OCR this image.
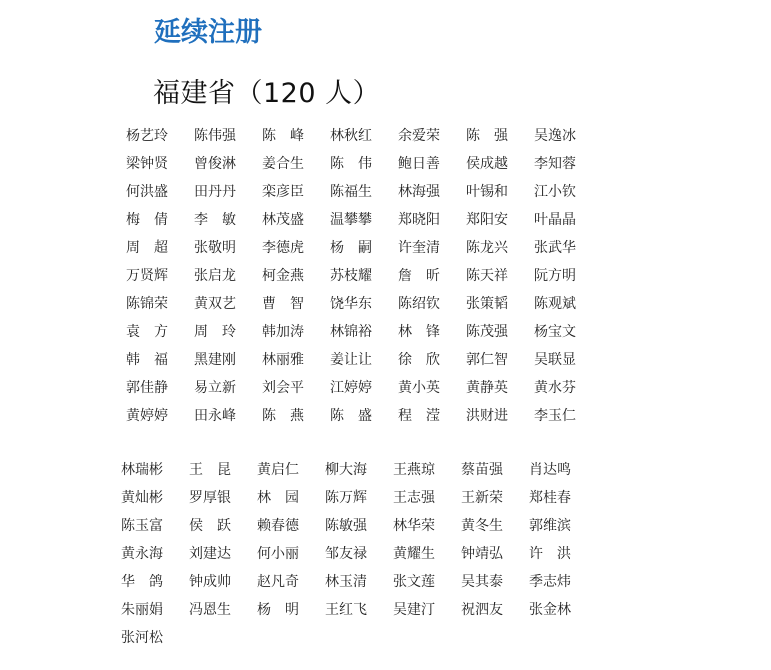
延续注册
福建省（120 人）
杨艺玲	陈伟强	陈　峰	林秋红	余爱荣	陈　强	吴逸冰
梁钟贤	曾俊淋	姜合生	陈　伟	鲍日善	侯成越	李知蓉
何洪盛	田丹丹	栾彦臣	陈福生	林海强	叶锡和	江小钦
梅　倩	李　敏	林茂盛	温攀攀	郑晓阳	郑阳安	叶晶晶
周　超	张敬明	李德虎	杨　嗣	许奎清	陈龙兴	张武华
万贤辉	张启龙	柯金燕	苏枝耀	詹　昕	陈天祥	阮方明
陈锦荣	黄双艺	曹　智	饶华东	陈绍钦	张策韬	陈观斌
袁　方	周　玲	韩加涛	林锦裕	林　锋	陈茂强	杨宝文
韩　福	黑建刚	林丽雅	姜让让	徐　欣	郭仁智	吴联显
郭佳静	易立新	刘会平	江婷婷	黄小英	黄静英	黄水芬
黄婷婷	田永峰	陈　燕	陈　盛	程　滢	洪财进	李玉仁
林瑞彬	王　昆	黄启仁	柳大海	王燕琼	蔡苗强	肖达鸣
黄灿彬	罗厚银	林　园	陈万辉	王志强	王新荣	郑桂春
陈玉富	侯　跃	赖春德	陈敏强	林华荣	黄冬生	郭维滨
黄永海	刘建达	何小丽	邹友禄	黄耀生	钟靖弘	许　洪
华　鸽	钟成帅	赵凡奇	林玉清	张文莲	吴其泰	季志炜
朱丽娟	冯恩生	杨　明	王红飞	吴建汀	祝泗友	张金林
张河松
